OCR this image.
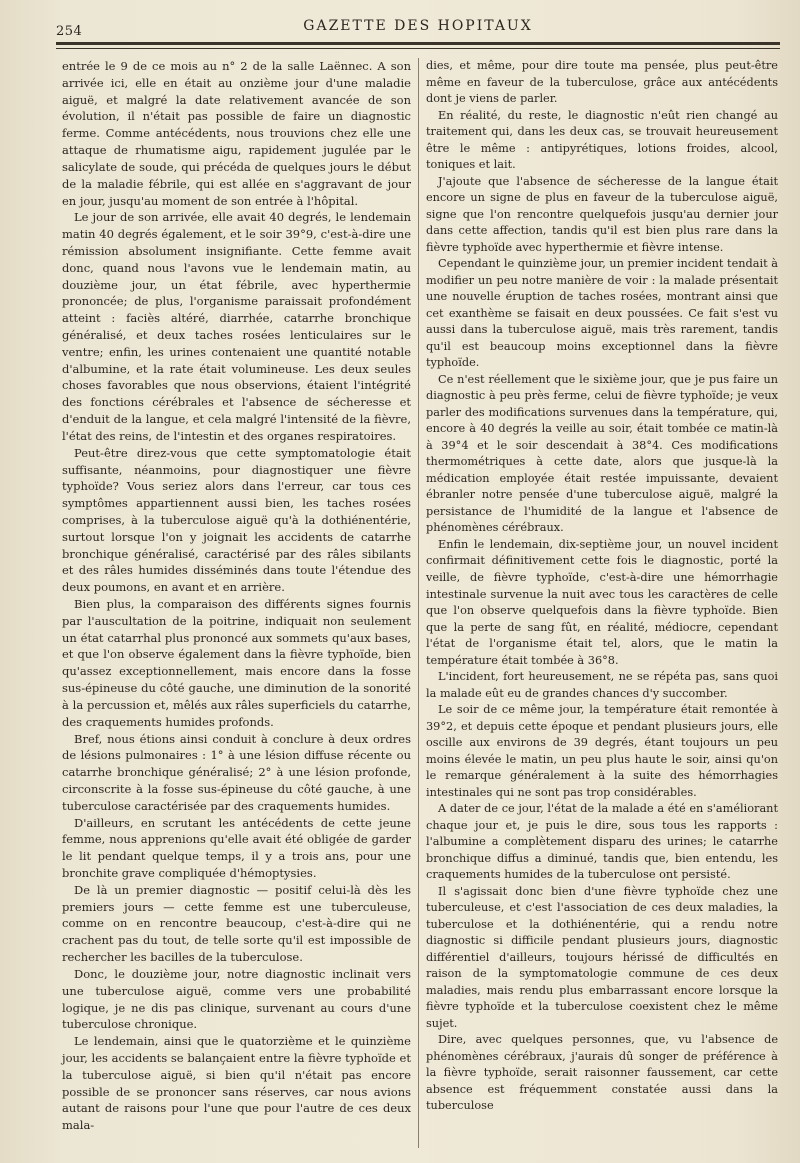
254	GAZETTE DES HOPITAUX

entrée le 9 de ce mois au n° 2 de la salle Laënnec. A son arrivée ici, elle en était au onzième jour d'une maladie aiguë, et malgré la date relativement avancée de son évolution, il n'était pas possible de faire un diagnostic ferme. Comme antécédents, nous trouvions chez elle une attaque de rhumatisme aigu, rapidement jugulée par le salicylate de soude, qui précéda de quelques jours le début de la maladie fébrile, qui est allée en s'aggravant de jour en jour, jusqu'au moment de son entrée à l'hôpital.

Le jour de son arrivée, elle avait 40 degrés, le lendemain matin 40 degrés également, et le soir 39°9, c'est-à-dire une rémission absolument insignifiante. Cette femme avait donc, quand nous l'avons vue le lendemain matin, au douzième jour, un état fébrile, avec hyperthermie prononcée; de plus, l'organisme paraissait profondément atteint : faciès altéré, diarrhée, catarrhe bronchique généralisé, et deux taches rosées lenticulaires sur le ventre; enfin, les urines contenaient une quantité notable d'albumine, et la rate était volumineuse. Les deux seules choses favorables que nous observions, étaient l'intégrité des fonctions cérébrales et l'absence de sécheresse et d'enduit de la langue, et cela malgré l'intensité de la fièvre, l'état des reins, de l'intestin et des organes respiratoires.

Peut-être direz-vous que cette symptomatologie était suffisante, néanmoins, pour diagnostiquer une fièvre typhoïde? Vous seriez alors dans l'erreur, car tous ces symptômes appartiennent aussi bien, les taches rosées comprises, à la tuberculose aiguë qu'à la dothiénentérie, surtout lorsque l'on y joignait les accidents de catarrhe bronchique généralisé, caractérisé par des râles sibilants et des râles humides disséminés dans toute l'étendue des deux poumons, en avant et en arrière.

Bien plus, la comparaison des différents signes fournis par l'auscultation de la poitrine, indiquait non seulement un état catarrhal plus prononcé aux sommets qu'aux bases, et que l'on observe également dans la fièvre typhoïde, bien qu'assez exceptionnellement, mais encore dans la fosse sus-épineuse du côté gauche, une diminution de la sonorité à la percussion et, mêlés aux râles superficiels du catarrhe, des craquements humides profonds.

Bref, nous étions ainsi conduit à conclure à deux ordres de lésions pulmonaires : 1° à une lésion diffuse récente ou catarrhe bronchique généralisé; 2° à une lésion profonde, circonscrite à la fosse sus-épineuse du côté gauche, à une tuberculose caractérisée par des craquements humides.

D'ailleurs, en scrutant les antécédents de cette jeune femme, nous apprenions qu'elle avait été obligée de garder le lit pendant quelque temps, il y a trois ans, pour une bronchite grave compliquée d'hémoptysies.

De là un premier diagnostic — positif celui-là dès les premiers jours — cette femme est une tuberculeuse, comme on en rencontre beaucoup, c'est-à-dire qui ne crachent pas du tout, de telle sorte qu'il est impossible de rechercher les bacilles de la tuberculose.

Donc, le douzième jour, notre diagnostic inclinait vers une tuberculose aiguë, comme vers une probabilité logique, je ne dis pas clinique, survenant au cours d'une tuberculose chronique.

Le lendemain, ainsi que le quatorzième et le quinzième jour, les accidents se balançaient entre la fièvre typhoïde et la tuberculose aiguë, si bien qu'il n'était pas encore possible de se prononcer sans réserves, car nous avions autant de raisons pour l'une que pour l'autre de ces deux mala-

dies, et même, pour dire toute ma pensée, plus peut-être même en faveur de la tuberculose, grâce aux antécédents dont je viens de parler.

En réalité, du reste, le diagnostic n'eût rien changé au traitement qui, dans les deux cas, se trouvait heureusement être le même : antipyrétiques, lotions froides, alcool, toniques et lait.

J'ajoute que l'absence de sécheresse de la langue était encore un signe de plus en faveur de la tuberculose aiguë, signe que l'on rencontre quelquefois jusqu'au dernier jour dans cette affection, tandis qu'il est bien plus rare dans la fièvre typhoïde avec hyperthermie et fièvre intense.

Cependant le quinzième jour, un premier incident tendait à modifier un peu notre manière de voir : la malade présentait une nouvelle éruption de taches rosées, montrant ainsi que cet exanthème se faisait en deux poussées. Ce fait s'est vu aussi dans la tuberculose aiguë, mais très rarement, tandis qu'il est beaucoup moins exceptionnel dans la fièvre typhoïde.

Ce n'est réellement que le sixième jour, que je pus faire un diagnostic à peu près ferme, celui de fièvre typhoïde; je veux parler des modifications survenues dans la température, qui, encore à 40 degrés la veille au soir, était tombée ce matin-là à 39°4 et le soir descendait à 38°4. Ces modifications thermométriques à cette date, alors que jusque-là la médication employée était restée impuissante, devaient ébranler notre pensée d'une tuberculose aiguë, malgré la persistance de l'humidité de la langue et l'absence de phénomènes cérébraux.

Enfin le lendemain, dix-septième jour, un nouvel incident confirmait définitivement cette fois le diagnostic, porté la veille, de fièvre typhoïde, c'est-à-dire une hémorrhagie intestinale survenue la nuit avec tous les caractères de celle que l'on observe quelquefois dans la fièvre typhoïde. Bien que la perte de sang fût, en réalité, médiocre, cependant l'état de l'organisme était tel, alors, que le matin la température était tombée à 36°8.

L'incident, fort heureusement, ne se répéta pas, sans quoi la malade eût eu de grandes chances d'y succomber.

Le soir de ce même jour, la température était remontée à 39°2, et depuis cette époque et pendant plusieurs jours, elle oscille aux environs de 39 degrés, étant toujours un peu moins élevée le matin, un peu plus haute le soir, ainsi qu'on le remarque généralement à la suite des hémorrhagies intestinales qui ne sont pas trop considérables.

A dater de ce jour, l'état de la malade a été en s'améliorant chaque jour et, je puis le dire, sous tous les rapports : l'albumine a complètement disparu des urines; le catarrhe bronchique diffus a diminué, tandis que, bien entendu, les craquements humides de la tuberculose ont persisté.

Il s'agissait donc bien d'une fièvre typhoïde chez une tuberculeuse, et c'est l'association de ces deux maladies, la tuberculose et la dothiénentérie, qui a rendu notre diagnostic si difficile pendant plusieurs jours, diagnostic différentiel d'ailleurs, toujours hérissé de difficultés en raison de la symptomatologie commune de ces deux maladies, mais rendu plus embarrassant encore lorsque la fièvre typhoïde et la tuberculose coexistent chez le même sujet.

Dire, avec quelques personnes, que, vu l'absence de phénomènes cérébraux, j'aurais dû songer de préférence à la fièvre typhoïde, serait raisonner faussement, car cette absence est fréquemment constatée aussi dans la tuberculose
